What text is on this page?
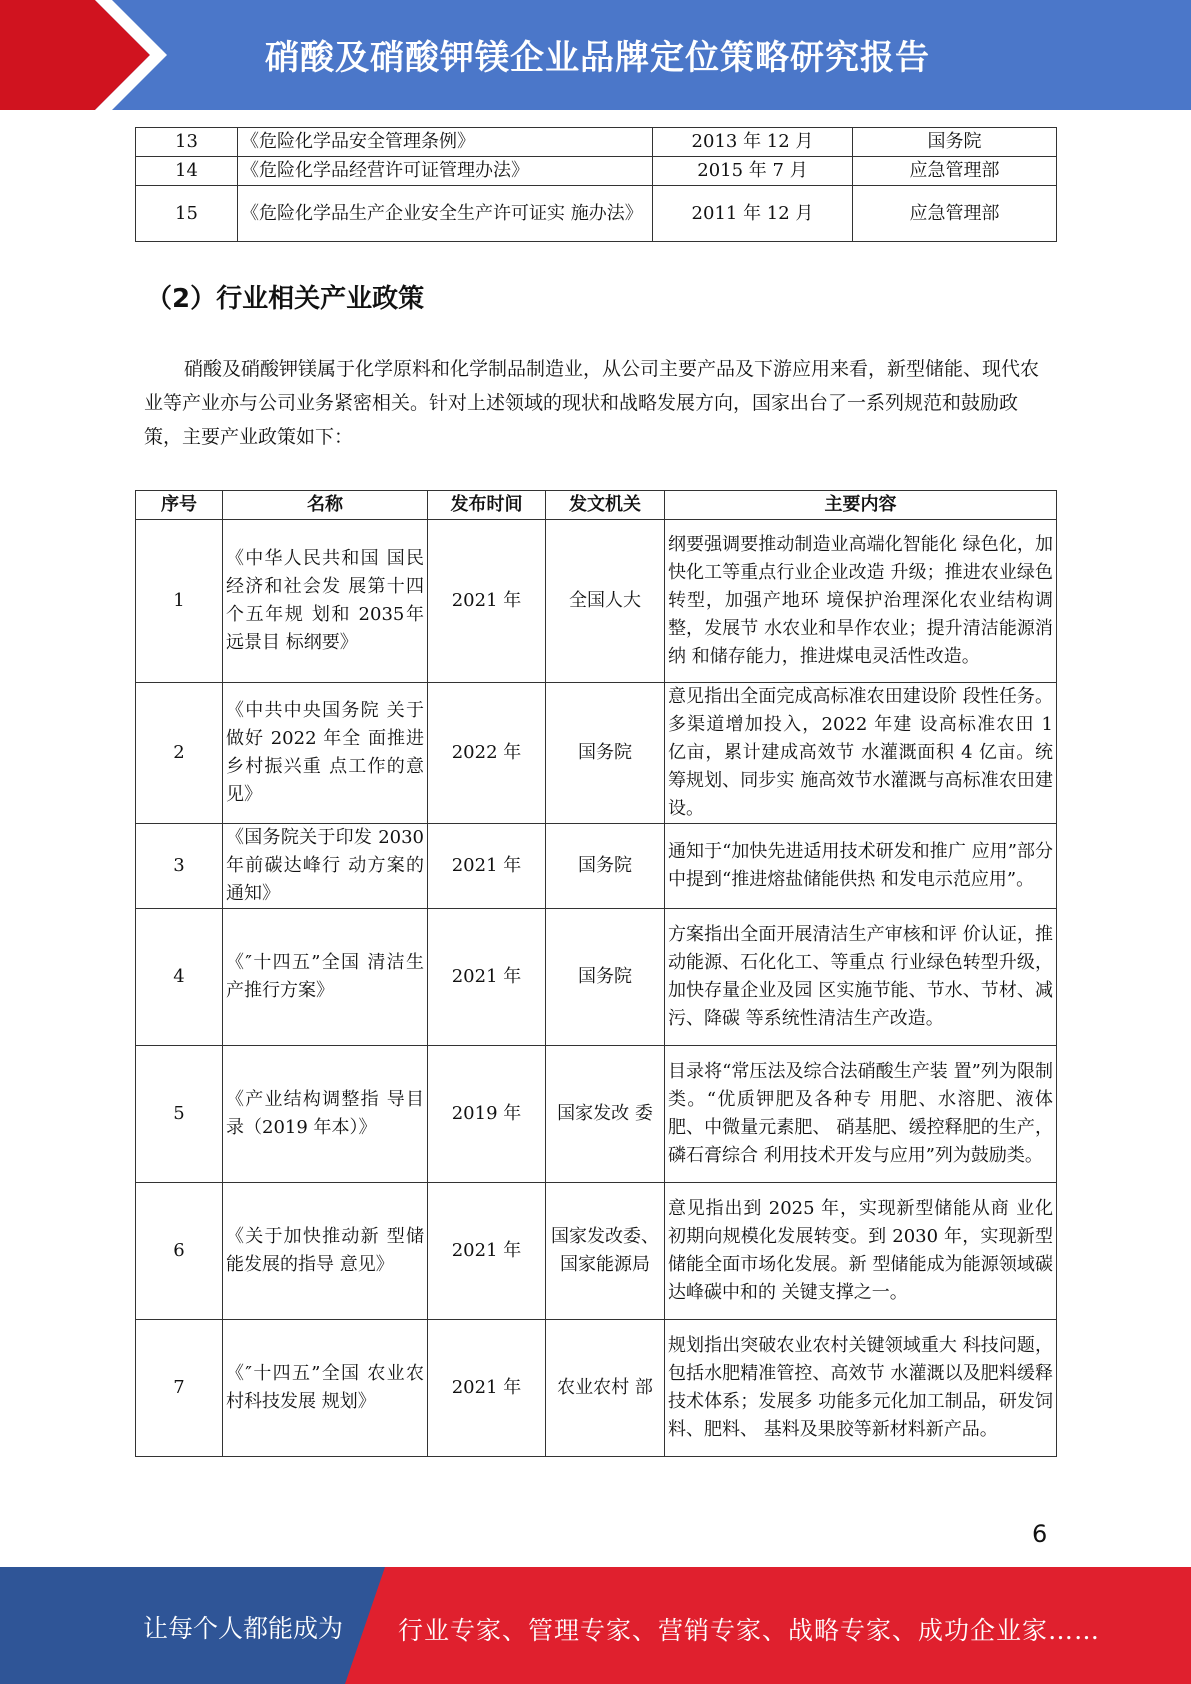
硝酸及硝酸钾镁企业品牌定位策略研究报告
13	《危险化学品安全管理条例》	2013 年 12 月	国务院
14	《危险化学品经营许可证管理办法》	2015 年 7 月	应急管理部
15	《危险化学品生产企业安全生产许可证实 施办法》	2011 年 12 月	应急管理部
（2）行业相关产业政策
硝酸及硝酸钾镁属于化学原料和化学制品制造业，从公司主要产品及下游应用来看，新型储能、现代农业等产业亦与公司业务紧密相关。针对上述领域的现状和战略发展方向，国家出台了一系列规范和鼓励政策，主要产业政策如下：
序号	名称	发布时间	发文机关	主要内容
1	《中华人民共和国 国民经济和社会发 展第十四个五年规 划和 2035年远景目 标纲要》	2021 年	全国人大	纲要强调要推动制造业高端化智能化 绿色化，加快化工等重点行业企业改造 升级；推进农业绿色转型，加强产地环 境保护治理深化农业结构调整，发展节 水农业和旱作农业；提升清洁能源消纳 和储存能力，推进煤电灵活性改造。
2	《中共中央国务院 关于做好 2022 年全 面推进乡村振兴重 点工作的意见》	2022 年	国务院	意见指出全面完成高标准农田建设阶 段性任务。多渠道增加投入，2022 年建 设高标准农田 1 亿亩，累计建成高效节 水灌溉面积 4 亿亩。统筹规划、同步实 施高效节水灌溉与高标准农田建设。
3	《国务院关于印发 2030 年前碳达峰行 动方案的通知》	2021 年	国务院	通知于“加快先进适用技术研发和推广 应用”部分中提到“推进熔盐储能供热 和发电示范应用”。
4	《″十四五”全国 清洁生产推行方案》	2021 年	国务院	方案指出全面开展清洁生产审核和评 价认证，推动能源、石化化工、等重点 行业绿色转型升级，加快存量企业及园 区实施节能、节水、节材、减污、降碳 等系统性清洁生产改造。
5	《产业结构调整指 导目录（2019 年本）》	2019 年	国家发改 委	目录将“常压法及综合法硝酸生产装 置”列为限制类。“优质钾肥及各种专 用肥、水溶肥、液体肥、中微量元素肥、 硝基肥、缓控释肥的生产，磷石膏综合 利用技术开发与应用”列为鼓励类。
6	《关于加快推动新 型储能发展的指导 意见》	2021 年	国家发改委、国家能源局	意见指出到 2025 年，实现新型储能从商 业化初期向规模化发展转变。到 2030 年，实现新型储能全面市场化发展。新 型储能成为能源领域碳达峰碳中和的 关键支撑之一。
7	《″十四五”全国 农业农村科技发展 规划》	2021 年	农业农村 部	规划指出突破农业农村关键领域重大 科技问题，包括水肥精准管控、高效节 水灌溉以及肥料缓释技术体系；发展多 功能多元化加工制品，研发饲料、肥料、 基料及果胶等新材料新产品。
6
让每个人都能成为 行业专家、管理专家、营销专家、战略专家、成功企业家……
